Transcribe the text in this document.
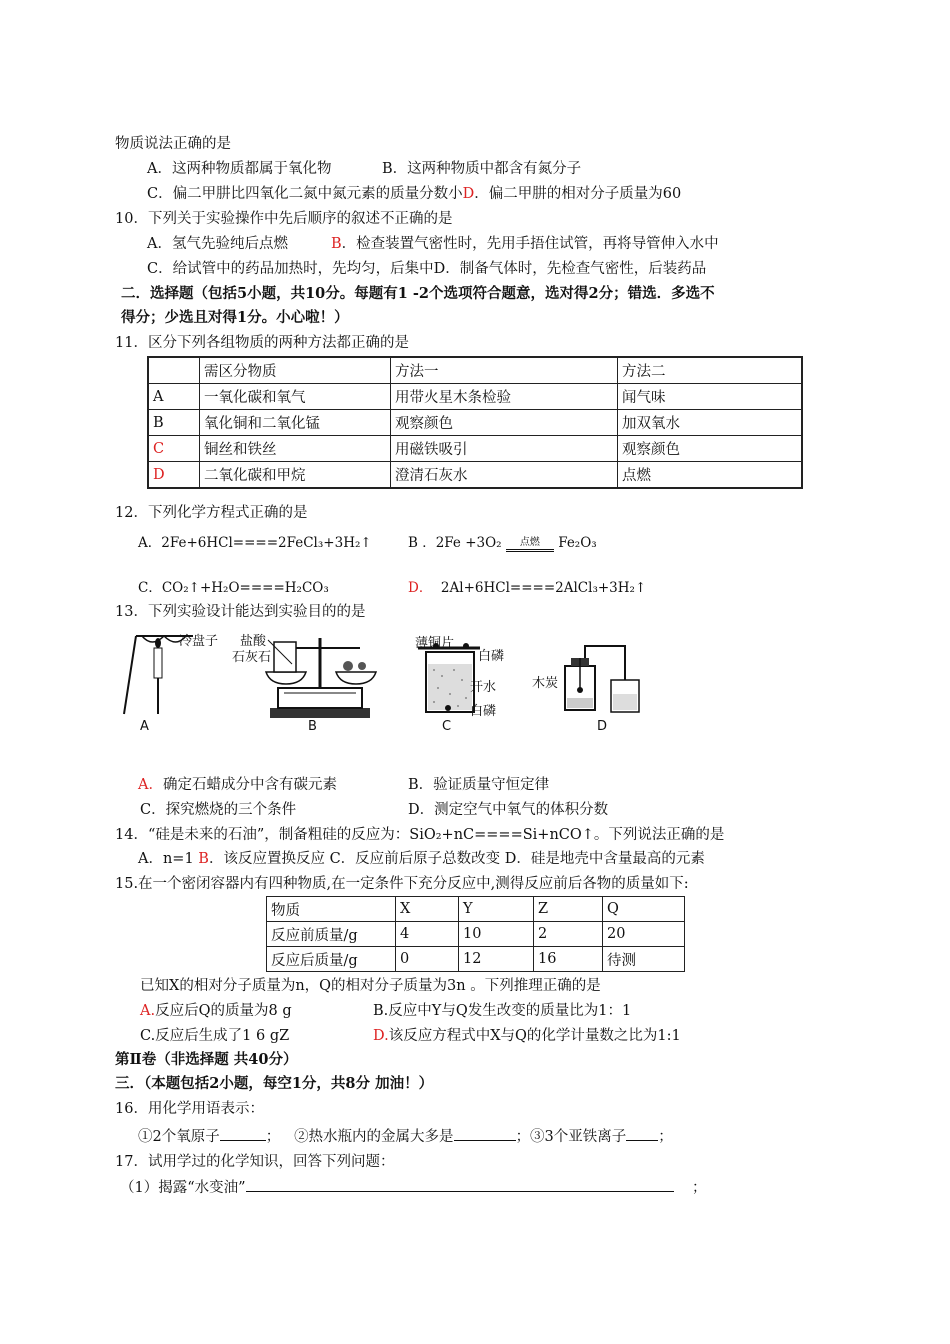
物质说法正确的是
A．这两种物质都属于氧化物	B．这两种物质中都含有氮分子
C．偏二甲肼比四氧化二氮中氮元素的质量分数小D．偏二甲肼的相对分子质量为60
10．下列关于实验操作中先后顺序的叙述不正确的是
A．氢气先验纯后点燃	B．检查装置气密性时，先用手捂住试管，再将导管伸入水中
C．给试管中的药品加热时，先均匀，后集中D．制备气体时，先检查气密性，后装药品
二．选择题（包括5小题，共10分。每题有1 -2个选项符合题意，选对得2分；错选．多选不
得分；少选且对得1分。小心啦！）
11．区分下列各组物质的两种方法都正确的是
	需区分物质	方法一	方法二
A	一氧化碳和氧气	用带火星木条检验	闻气味
B	氧化铜和二氧化锰	观察颜色	加双氧水
C	铜丝和铁丝	用磁铁吸引	观察颜色
D	二氧化碳和甲烷	澄清石灰水	点燃
12．下列化学方程式正确的是
A．2Fe+6HCl====2FeCl₃+3H₂↑	B ．2Fe +3O₂ 点燃 Fe₂O₃
C．CO₂↑+H₂O====H₂CO₃	D． 2Al+6HCl====2AlCl₃+3H₂↑
13．下列实验设计能达到实验目的的是
冷盘子 盐酸
石灰石
薄铜片
白磷
开水
白磷
木炭
A	B	C	D
A．确定石蜡成分中含有碳元素	B．验证质量守恒定律
C．探究燃烧的三个条件	D．测定空气中氧气的体积分数
14．“硅是未来的石油”，制备粗硅的反应为：SiO₂+nC====Si+nCO↑。下列说法正确的是
A．n=1 B．该反应置换反应 C．反应前后原子总数改变 D．硅是地壳中含量最高的元素
15.在一个密闭容器内有四种物质,在一定条件下充分反应中,测得反应前后各物的质量如下:
物质	X	Y	Z	Q
反应前质量/g	4	10	2	20
反应后质量/g	0	12	16	待测
已知X的相对分子质量为n，Q的相对分子质量为3n 。下列推理正确的是
A.反应后Q的质量为8 g	B.反应中Y与Q发生改变的质量比为1：1
C.反应后生成了1 6 gZ	D.该反应方程式中X与Q的化学计量数之比为1:1
第Ⅱ卷（非选择题 共40分）
三．（本题包括2小题，每空1分，共8分 加油！）
16．用化学用语表示：
①2个氧原子	； ②热水瓶内的金属大多是	；③3个亚铁离子 ；
17．试用学过的化学知识，回答下列问题：
（1）揭露“水变油”	；
